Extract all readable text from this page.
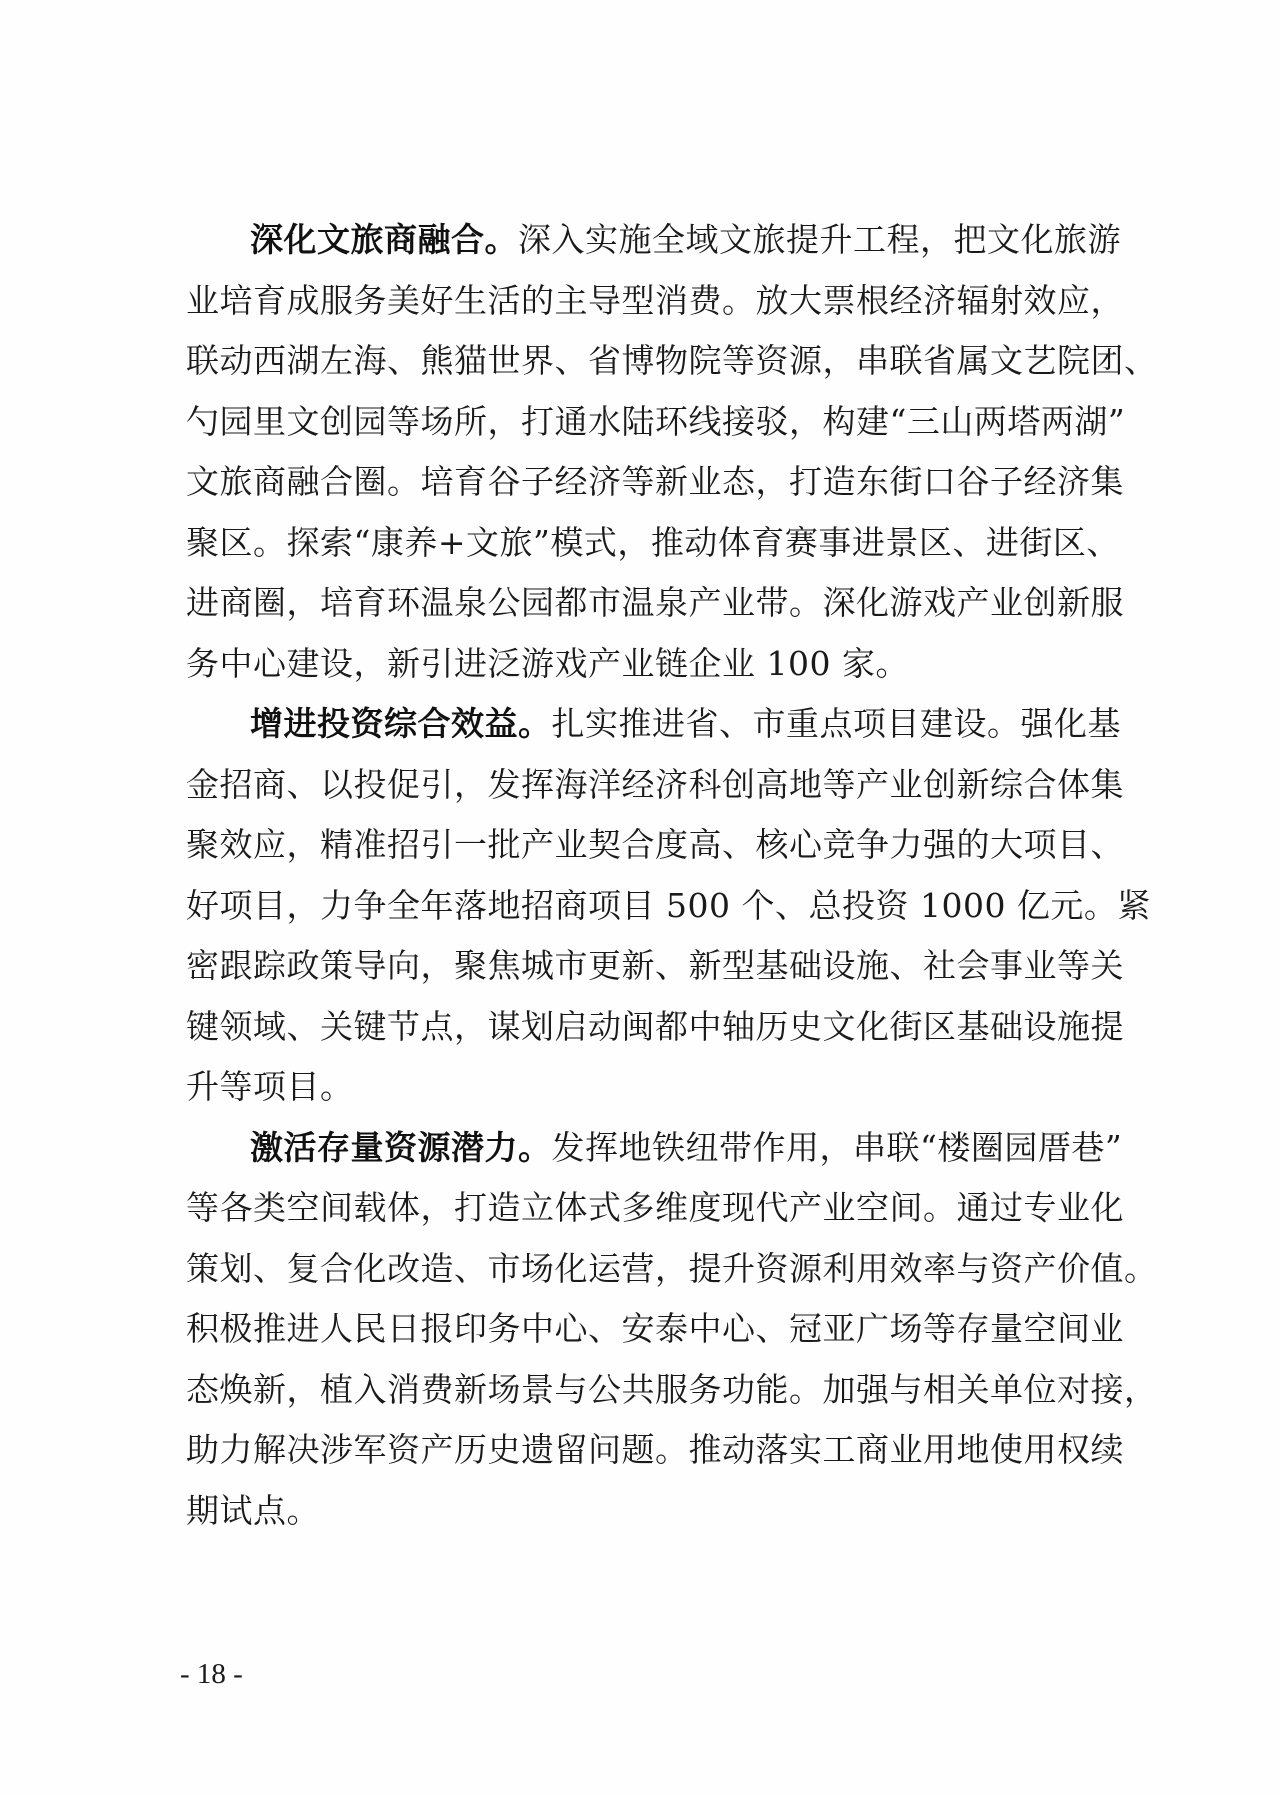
深化文旅商融合。深入实施全域文旅提升工程，把文化旅游
业培育成服务美好生活的主导型消费。放大票根经济辐射效应，
联动西湖左海、熊猫世界、省博物院等资源，串联省属文艺院团、
勺园里文创园等场所，打通水陆环线接驳，构建“三山两塔两湖”
文旅商融合圈。培育谷子经济等新业态，打造东街口谷子经济集
聚区。探索“康养+文旅”模式，推动体育赛事进景区、进街区、
进商圈，培育环温泉公园都市温泉产业带。深化游戏产业创新服
务中心建设，新引进泛游戏产业链企业 100 家。
增进投资综合效益。扎实推进省、市重点项目建设。强化基
金招商、以投促引，发挥海洋经济科创高地等产业创新综合体集
聚效应，精准招引一批产业契合度高、核心竞争力强的大项目、
好项目，力争全年落地招商项目 500 个、总投资 1000 亿元。紧
密跟踪政策导向，聚焦城市更新、新型基础设施、社会事业等关
键领域、关键节点，谋划启动闽都中轴历史文化街区基础设施提
升等项目。
激活存量资源潜力。发挥地铁纽带作用，串联“楼圈园厝巷”
等各类空间载体，打造立体式多维度现代产业空间。通过专业化
策划、复合化改造、市场化运营，提升资源利用效率与资产价值。
积极推进人民日报印务中心、安泰中心、冠亚广场等存量空间业
态焕新，植入消费新场景与公共服务功能。加强与相关单位对接，
助力解决涉军资产历史遗留问题。推动落实工商业用地使用权续
期试点。
- 18 -
